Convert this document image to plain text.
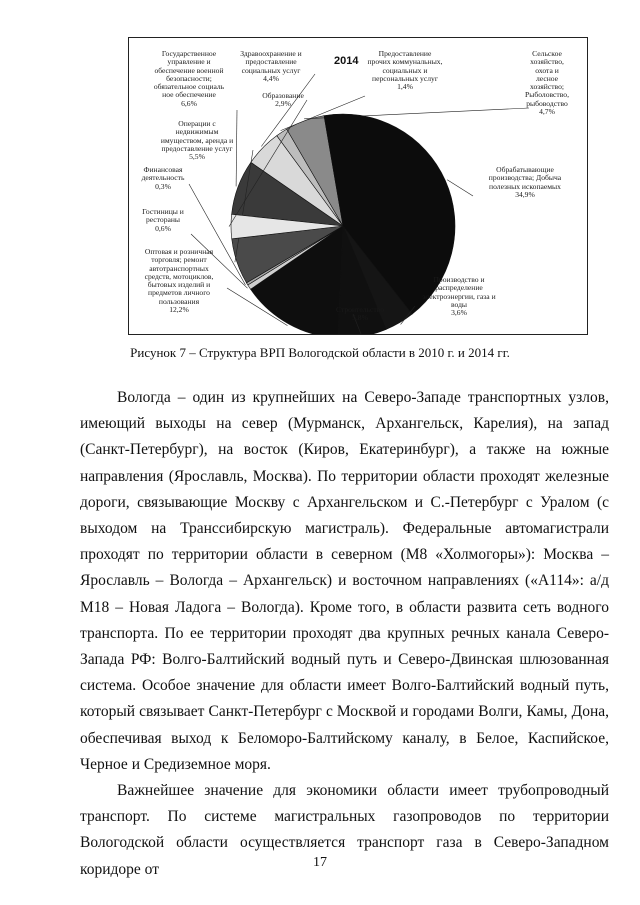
2014
Государственное
управление и
обеспечение военной
безопасности;
обязательное социаль
ное обеспечение
6,6%
Здравоохранение и
предоставление
социальных услуг
4,4%
Предоставление
прочих коммунальных,
социальных и
персональных услуг
1,4%
Сельское
хозяйство,
охота и
лесное
хозяйство;
Рыболовство,
рыбоводство
4,7%
Обрабатывающие
производства; Добыча
полезных ископаемых
34,9%
Производство и
распределение
электроэнергии, газа и
воды
3,6%
Строительство
5,8%
Оптовая и розничная
торговля; ремонт
автотранспортных
средств, мотоциклов,
бытовых изделий и
предметов личного
пользования
12,2%
Гостиницы и
рестораны
0,6%
Финансовая
деятельность
0,3%
Операции с
недвижимым
имуществом, аренда и
предоставление услуг
5,5%
Образование
2,9%
Рисунок 7 – Структура ВРП Вологодской области в 2010 г. и 2014 гг.

Вологда – один из крупнейших на Северо-Западе транспортных узлов, имеющий выходы на север (Мурманск, Архангельск, Карелия), на запад (Санкт-Петербург), на восток (Киров, Екатеринбург), а также на южные направления (Ярославль, Москва). По территории области проходят железные дороги, связывающие Москву с Архангельском и С.-Петербург с Уралом (с выходом на Транссибирскую магистраль). Федеральные автомагистрали проходят по территории области в северном (М8 «Холмогоры»): Москва – Ярославль – Вологда – Архангельск) и восточном направлениях («А114»: а/д М18 – Новая Ладога – Вологда). Кроме того, в области развита сеть водного транспорта. По ее территории проходят два крупных речных канала Северо-Запада РФ: Волго-Балтийский водный путь и Северо-Двинская шлюзованная система. Особое значение для области имеет Волго-Балтийский водный путь, который связывает Санкт-Петербург с Москвой и городами Волги, Камы, Дона, обеспечивая выход к Беломоро-Балтийскому каналу, в Белое, Каспийское, Черное и Средиземное моря.

Важнейшее значение для экономики области имеет трубопроводный транспорт. По системе магистральных газопроводов по территории Вологодской области осуществляется транспорт газа в Северо-Западном коридоре от	17
